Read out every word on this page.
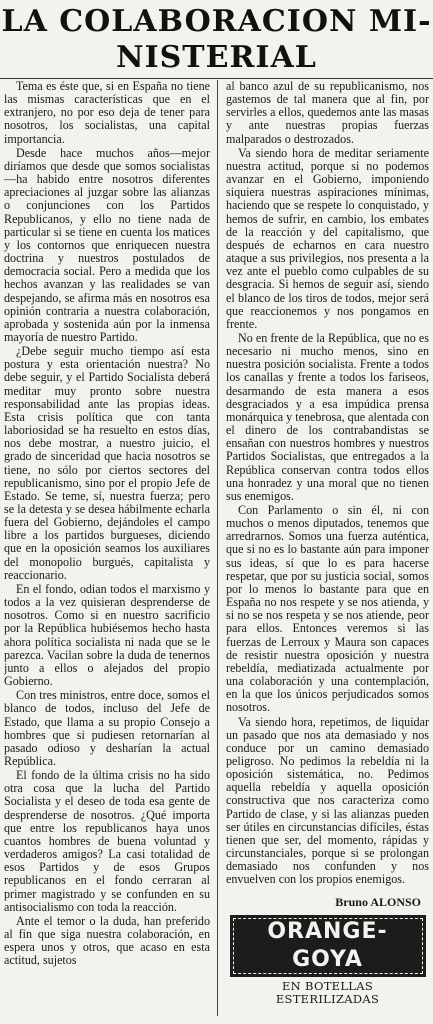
LA COLABORACION MI-
NISTERIAL

Tema es éste que, si en España no tiene las mismas características que en el extranjero, no por eso deja de tener para nosotros, los socialistas, una capital importancia.

Desde hace muchos años—mejor diríamos que desde que somos socialistas—ha habido entre nosotros diferentes apreciaciones al juzgar sobre las alianzas o conjunciones con los Partidos Republicanos, y ello no tiene nada de particular si se tiene en cuenta los matices y los contornos que enriquecen nuestra doctrina y nuestros postulados de democracia social. Pero a medida que los hechos avanzan y las realidades se van despejando, se afirma más en nosotros esa opinión contraria a nuestra colaboración, aprobada y sostenida aún por la inmensa mayoría de nuestro Partido.

¿Debe seguir mucho tiempo así esta postura y esta orientación nuestra? No debe seguir, y el Partido Socialista deberá meditar muy pronto sobre nuestra responsabilidad ante las propias ideas. Esta crisis política que con tanta laboriosidad se ha resuelto en estos días, nos debe mostrar, a nuestro juicio, el grado de sinceridad que hacia nosotros se tiene, no sólo por ciertos sectores del republicanismo, sino por el propio Jefe de Estado. Se teme, sí, nuestra fuerza; pero se la detesta y se desea hábilmente echarla fuera del Gobierno, dejándoles el campo libre a los partidos burgueses, diciendo que en la oposición seamos los auxiliares del monopolio burgués, capitalista y reaccionario.

En el fondo, odian todos el marxismo y todos a la vez quisieran desprenderse de nosotros. Como si en nuestro sacrificio por la República hubiésemos hecho hasta ahora política socialista ni nada que se le parezca. Vacilan sobre la duda de tenernos junto a ellos o alejados del propio Gobierno.

Con tres ministros, entre doce, somos el blanco de todos, incluso del Jefe de Estado, que llama a su propio Consejo a hombres que si pudiesen retornarían al pasado odioso y desharían la actual República.

El fondo de la última crisis no ha sido otra cosa que la lucha del Partido Socialista y el deseo de toda esa gente de desprenderse de nosotros. ¿Qué importa que entre los republicanos haya unos cuantos hombres de buena voluntad y verdaderos amigos? La casi totalidad de esos Partidos y de esos Grupos republicanos en el fondo cerraran al primer magistrado y se confunden en su antisocialismo con toda la reacción.

Ante el temor o la duda, han preferido al fin que siga nuestra colaboración, en espera unos y otros, que acaso en esta actitud, sujetos

al banco azul de su republicanismo, nos gastemos de tal manera que al fin, por servirles a ellos, quedemos ante las masas y ante nuestras propias fuerzas malparados o destrozados.

Va siendo hora de meditar seriamente nuestra actitud, porque si no podemos avanzar en el Gobierno, imponiendo siquiera nuestras aspiraciones mínimas, haciendo que se respete lo conquistado, y hemos de sufrir, en cambio, los embates de la reacción y del capitalismo, que después de echarnos en cara nuestro ataque a sus privilegios, nos presenta a la vez ante el pueblo como culpables de su desgracia. Si hemos de seguir así, siendo el blanco de los tiros de todos, mejor será que reaccionemos y nos pongamos en frente.

No en frente de la República, que no es necesario ni mucho menos, sino en nuestra posición socialista. Frente a todos los canallas y frente a todos los fariseos, desarmando de esta manera a esos desgraciados y a esa impúdica prensa monárquica y tenebrosa, que alentada con el dinero de los contrabandistas se ensañan con nuestros hombres y nuestros Partidos Socialistas, que entregados a la República conservan contra todos ellos una honradez y una moral que no tienen sus enemigos.

Con Parlamento o sin él, ni con muchos o menos diputados, tenemos que arredrarnos. Somos una fuerza auténtica, que si no es lo bastante aún para imponer sus ideas, sí que lo es para hacerse respetar, que por su justicia social, somos por lo menos lo bastante para que en España no nos respete y se nos atienda, y si no se nos respeta y se nos atiende, peor para ellos. Entonces veremos si las fuerzas de Lerroux y Maura son capaces de resistir nuestra oposición y nuestra rebeldía, mediatizada actualmente por una colaboración y una contemplación, en la que los únicos perjudicados somos nosotros.

Va siendo hora, repetimos, de liquidar un pasado que nos ata demasiado y nos conduce por un camino demasiado peligroso. No pedimos la rebeldía ni la oposición sistemática, no. Pedimos aquella rebeldía y aquella oposición constructiva que nos caracteriza como Partido de clase, y si las alianzas pueden ser útiles en circunstancias difíciles, éstas tienen que ser, del momento, rápidas y circunstanciales, porque si se prolongan demasiado nos confunden y nos envuelven con los propios enemigos.

Bruno ALONSO
ORANGE-GOYA
EN BOTELLAS ESTERILIZADAS
